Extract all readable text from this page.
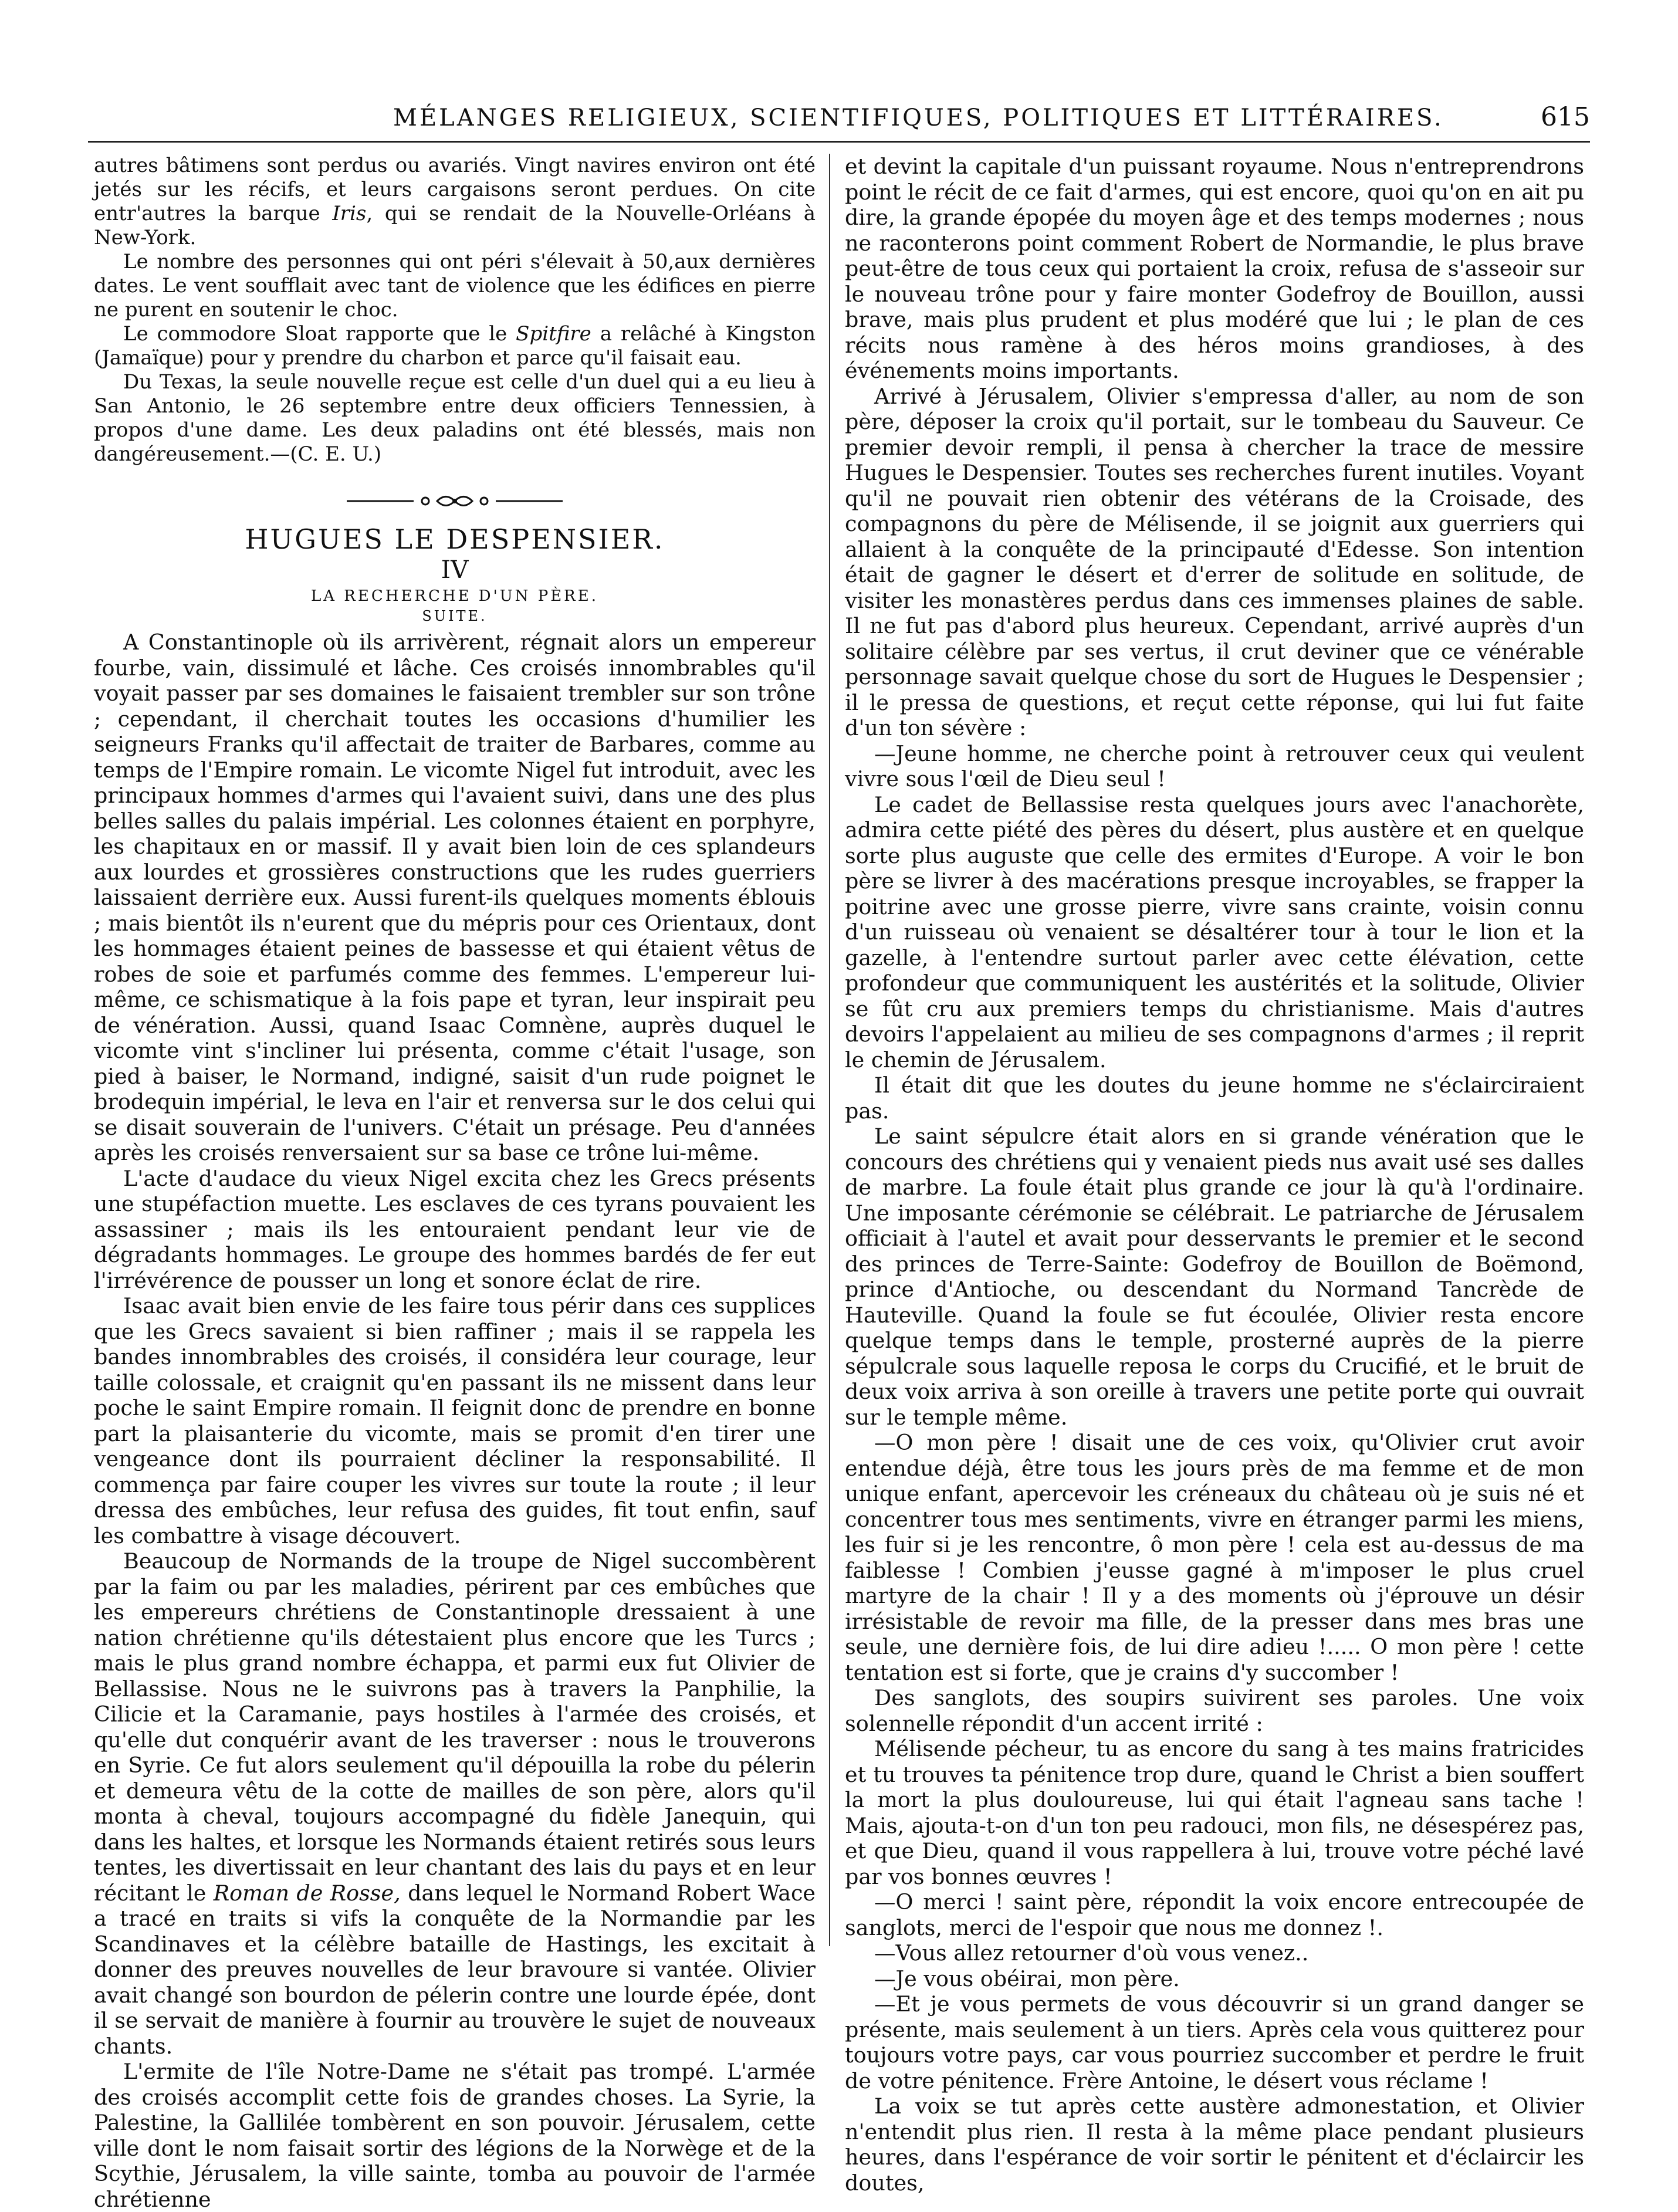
MÉLANGES RELIGIEUX, SCIENTIFIQUES, POLITIQUES ET LITTÉRAIRES.	615

autres bâtimens sont perdus ou avariés. Vingt navires environ ont été jetés sur les récifs, et leurs cargaisons seront perdues. On cite entr'autres la barque Iris, qui se rendait de la Nouvelle-Orléans à New-York.

Le nombre des personnes qui ont péri s'élevait à 50,aux dernières dates. Le vent soufflait avec tant de violence que les édifices en pierre ne purent en soutenir le choc.

Le commodore Sloat rapporte que le Spitfire a relâché à Kingston (Jamaïque) pour y prendre du charbon et parce qu'il faisait eau.

Du Texas, la seule nouvelle reçue est celle d'un duel qui a eu lieu à San Antonio, le 26 septembre entre deux officiers Tennessien, à propos d'une dame. Les deux paladins ont été blessés, mais non dangéreusement.—(C. E. U.)

HUGUES LE DESPENSIER.
IV
LA RECHERCHE D'UN PÈRE.
SUITE.

A Constantinople où ils arrivèrent, régnait alors un empereur fourbe, vain, dissimulé et lâche. Ces croisés innombrables qu'il voyait passer par ses domaines le faisaient trembler sur son trône ; cependant, il cherchait toutes les occasions d'humilier les seigneurs Franks qu'il affectait de traiter de Barbares, comme au temps de l'Empire romain. Le vicomte Nigel fut introduit, avec les principaux hommes d'armes qui l'avaient suivi, dans une des plus belles salles du palais impérial. Les colonnes étaient en porphyre, les chapitaux en or massif. Il y avait bien loin de ces splandeurs aux lourdes et grossières constructions que les rudes guerriers laissaient derrière eux. Aussi furent-ils quelques moments éblouis ; mais bientôt ils n'eurent que du mépris pour ces Orientaux, dont les hommages étaient peines de bassesse et qui étaient vêtus de robes de soie et parfumés comme des femmes. L'empereur lui-même, ce schismatique à la fois pape et tyran, leur inspirait peu de vénération. Aussi, quand Isaac Comnène, auprès duquel le vicomte vint s'incliner lui présenta, comme c'était l'usage, son pied à baiser, le Normand, indigné, saisit d'un rude poignet le brodequin impérial, le leva en l'air et renversa sur le dos celui qui se disait souverain de l'univers. C'était un présage. Peu d'années après les croisés renversaient sur sa base ce trône lui-même.

L'acte d'audace du vieux Nigel excita chez les Grecs présents une stupéfaction muette. Les esclaves de ces tyrans pouvaient les assassiner ; mais ils les entouraient pendant leur vie de dégradants hommages. Le groupe des hommes bardés de fer eut l'irrévérence de pousser un long et sonore éclat de rire.

Isaac avait bien envie de les faire tous périr dans ces supplices que les Grecs savaient si bien raffiner ; mais il se rappela les bandes innombrables des croisés, il considéra leur courage, leur taille colossale, et craignit qu'en passant ils ne missent dans leur poche le saint Empire romain. Il feignit donc de prendre en bonne part la plaisanterie du vicomte, mais se promit d'en tirer une vengeance dont ils pourraient décliner la responsabilité. Il commença par faire couper les vivres sur toute la route ; il leur dressa des embûches, leur refusa des guides, fit tout enfin, sauf les combattre à visage découvert.

Beaucoup de Normands de la troupe de Nigel succombèrent par la faim ou par les maladies, périrent par ces embûches que les empereurs chrétiens de Constantinople dressaient à une nation chrétienne qu'ils détestaient plus encore que les Turcs ; mais le plus grand nombre échappa, et parmi eux fut Olivier de Bellassise. Nous ne le suivrons pas à travers la Panphilie, la Cilicie et la Caramanie, pays hostiles à l'armée des croisés, et qu'elle dut conquérir avant de les traverser : nous le trouverons en Syrie. Ce fut alors seulement qu'il dépouilla la robe du pélerin et demeura vêtu de la cotte de mailles de son père, alors qu'il monta à cheval, toujours accompagné du fidèle Janequin, qui dans les haltes, et lorsque les Normands étaient retirés sous leurs tentes, les divertissait en leur chantant des lais du pays et en leur récitant le Roman de Rosse, dans lequel le Normand Robert Wace a tracé en traits si vifs la conquête de la Normandie par les Scandinaves et la célèbre bataille de Hastings, les excitait à donner des preuves nouvelles de leur bravoure si vantée. Olivier avait changé son bourdon de pélerin contre une lourde épée, dont il se servait de manière à fournir au trouvère le sujet de nouveaux chants.

L'ermite de l'île Notre-Dame ne s'était pas trompé. L'armée des croisés accomplit cette fois de grandes choses. La Syrie, la Palestine, la Gallilée tombèrent en son pouvoir. Jérusalem, cette ville dont le nom faisait sortir des légions de la Norwège et de la Scythie, Jérusalem, la ville sainte, tomba au pouvoir de l'armée chrétienne

et devint la capitale d'un puissant royaume. Nous n'entreprendrons point le récit de ce fait d'armes, qui est encore, quoi qu'on en ait pu dire, la grande épopée du moyen âge et des temps modernes ; nous ne raconterons point comment Robert de Normandie, le plus brave peut-être de tous ceux qui portaient la croix, refusa de s'asseoir sur le nouveau trône pour y faire monter Godefroy de Bouillon, aussi brave, mais plus prudent et plus modéré que lui ; le plan de ces récits nous ramène à des héros moins grandioses, à des événements moins importants.

Arrivé à Jérusalem, Olivier s'empressa d'aller, au nom de son père, déposer la croix qu'il portait, sur le tombeau du Sauveur. Ce premier devoir rempli, il pensa à chercher la trace de messire Hugues le Despensier. Toutes ses recherches furent inutiles. Voyant qu'il ne pouvait rien obtenir des vétérans de la Croisade, des compagnons du père de Mélisende, il se joignit aux guerriers qui allaient à la conquête de la principauté d'Edesse. Son intention était de gagner le désert et d'errer de solitude en solitude, de visiter les monastères perdus dans ces immenses plaines de sable. Il ne fut pas d'abord plus heureux. Cependant, arrivé auprès d'un solitaire célèbre par ses vertus, il crut deviner que ce vénérable personnage savait quelque chose du sort de Hugues le Despensier ; il le pressa de questions, et reçut cette réponse, qui lui fut faite d'un ton sévère :

—Jeune homme, ne cherche point à retrouver ceux qui veulent vivre sous l'œil de Dieu seul !

Le cadet de Bellassise resta quelques jours avec l'anachorète, admira cette piété des pères du désert, plus austère et en quelque sorte plus auguste que celle des ermites d'Europe. A voir le bon père se livrer à des macérations presque incroyables, se frapper la poitrine avec une grosse pierre, vivre sans crainte, voisin connu d'un ruisseau où venaient se désaltérer tour à tour le lion et la gazelle, à l'entendre surtout parler avec cette élévation, cette profondeur que communiquent les austérités et la solitude, Olivier se fût cru aux premiers temps du christianisme. Mais d'autres devoirs l'appelaient au milieu de ses compagnons d'armes ; il reprit le chemin de Jérusalem.

Il était dit que les doutes du jeune homme ne s'éclairciraient pas.

Le saint sépulcre était alors en si grande vénération que le concours des chrétiens qui y venaient pieds nus avait usé ses dalles de marbre. La foule était plus grande ce jour là qu'à l'ordinaire. Une imposante cérémonie se célébrait. Le patriarche de Jérusalem officiait à l'autel et avait pour desservants le premier et le second des princes de Terre-Sainte: Godefroy de Bouillon de Boëmond, prince d'Antioche, ou descendant du Normand Tancrède de Hauteville. Quand la foule se fut écoulée, Olivier resta encore quelque temps dans le temple, prosterné auprès de la pierre sépulcrale sous laquelle reposa le corps du Crucifié, et le bruit de deux voix arriva à son oreille à travers une petite porte qui ouvrait sur le temple même.

—O mon père ! disait une de ces voix, qu'Olivier crut avoir entendue déjà, être tous les jours près de ma femme et de mon unique enfant, apercevoir les créneaux du château où je suis né et concentrer tous mes sentiments, vivre en étranger parmi les miens, les fuir si je les rencontre, ô mon père ! cela est au-dessus de ma faiblesse ! Combien j'eusse gagné à m'imposer le plus cruel martyre de la chair ! Il y a des moments où j'éprouve un désir irrésistable de revoir ma fille, de la presser dans mes bras une seule, une dernière fois, de lui dire adieu !..... O mon père ! cette tentation est si forte, que je crains d'y succomber !

Des sanglots, des soupirs suivirent ses paroles. Une voix solennelle répondit d'un accent irrité :

Mélisende pécheur, tu as encore du sang à tes mains fratricides et tu trouves ta pénitence trop dure, quand le Christ a bien souffert la mort la plus douloureuse, lui qui était l'agneau sans tache ! Mais, ajouta-t-on d'un ton peu radouci, mon fils, ne désespérez pas, et que Dieu, quand il vous rappellera à lui, trouve votre péché lavé par vos bonnes œuvres !

—O merci ! saint père, répondit la voix encore entrecoupée de sanglots, merci de l'espoir que nous me donnez !.

—Vous allez retourner d'où vous venez..

—Je vous obéirai, mon père.

—Et je vous permets de vous découvrir si un grand danger se présente, mais seulement à un tiers. Après cela vous quitterez pour toujours votre pays, car vous pourriez succomber et perdre le fruit de votre pénitence. Frère Antoine, le désert vous réclame !

La voix se tut après cette austère admonestation, et Olivier n'entendit plus rien. Il resta à la même place pendant plusieurs heures, dans l'espérance de voir sortir le pénitent et d'éclaircir les doutes,
